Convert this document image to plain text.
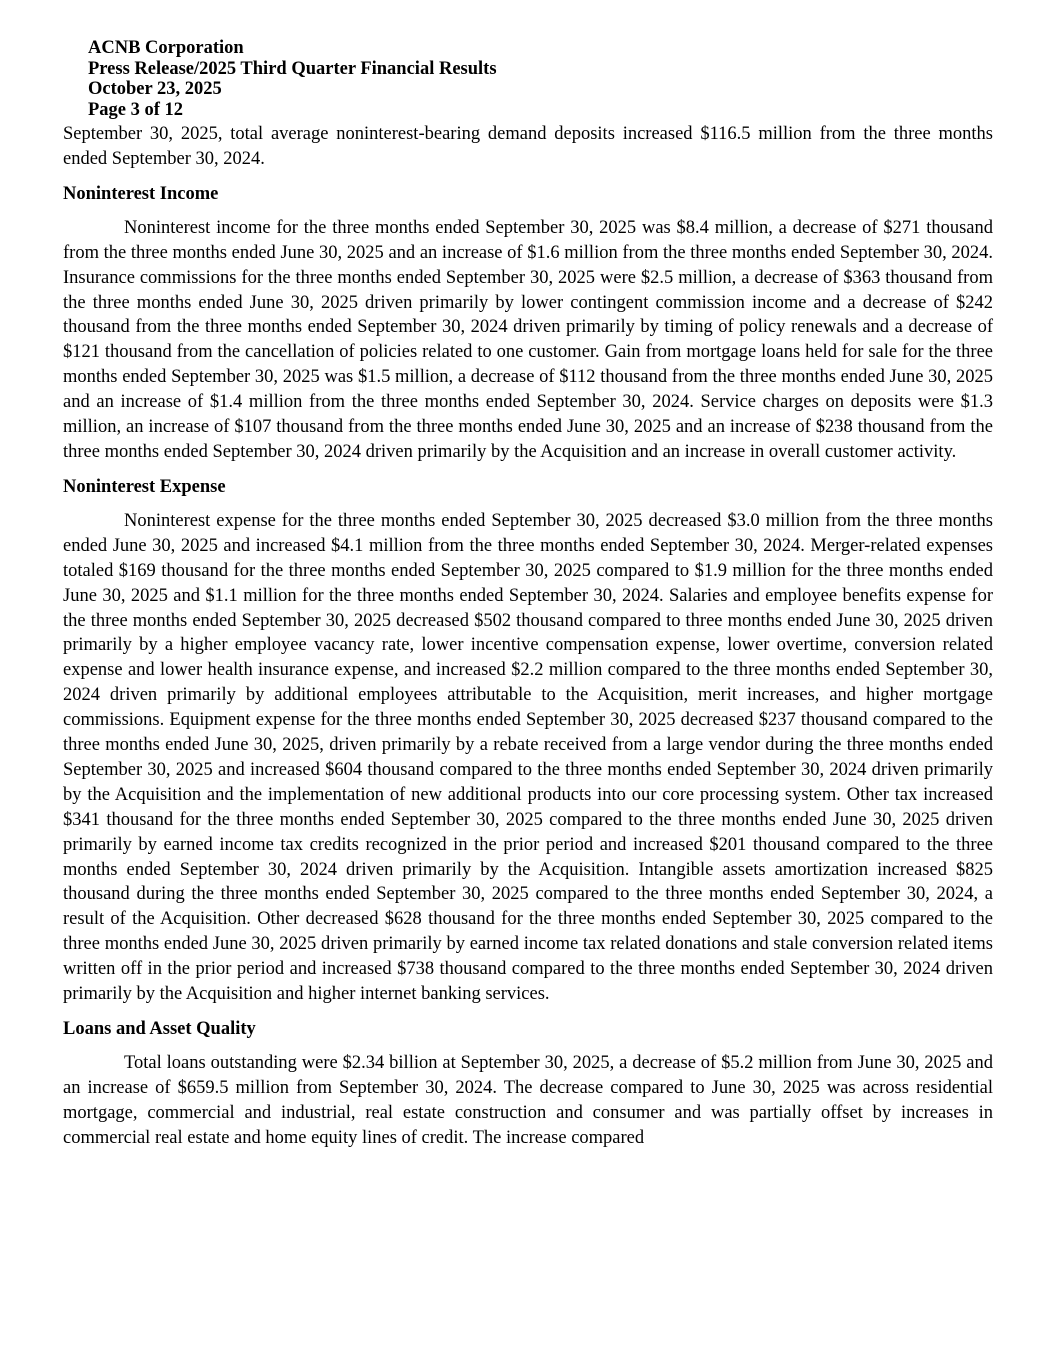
ACNB Corporation
Press Release/2025 Third Quarter Financial Results
October 23, 2025
Page 3 of 12

September 30, 2025, total average noninterest-bearing demand deposits increased $116.5 million from the three months ended September 30, 2024.

Noninterest Income

Noninterest income for the three months ended September 30, 2025 was $8.4 million, a decrease of $271 thousand from the three months ended June 30, 2025 and an increase of $1.6 million from the three months ended September 30, 2024. Insurance commissions for the three months ended September 30, 2025 were $2.5 million, a decrease of $363 thousand from the three months ended June 30, 2025 driven primarily by lower contingent commission income and a decrease of $242 thousand from the three months ended September 30, 2024 driven primarily by timing of policy renewals and a decrease of $121 thousand from the cancellation of policies related to one customer. Gain from mortgage loans held for sale for the three months ended September 30, 2025 was $1.5 million, a decrease of $112 thousand from the three months ended June 30, 2025 and an increase of $1.4 million from the three months ended September 30, 2024. Service charges on deposits were $1.3 million, an increase of $107 thousand from the three months ended June 30, 2025 and an increase of $238 thousand from the three months ended September 30, 2024 driven primarily by the Acquisition and an increase in overall customer activity.

Noninterest Expense

Noninterest expense for the three months ended September 30, 2025 decreased $3.0 million from the three months ended June 30, 2025 and increased $4.1 million from the three months ended September 30, 2024. Merger-related expenses totaled $169 thousand for the three months ended September 30, 2025 compared to $1.9 million for the three months ended June 30, 2025 and $1.1 million for the three months ended September 30, 2024. Salaries and employee benefits expense for the three months ended September 30, 2025 decreased $502 thousand compared to three months ended June 30, 2025 driven primarily by a higher employee vacancy rate, lower incentive compensation expense, lower overtime, conversion related expense and lower health insurance expense, and increased $2.2 million compared to the three months ended September 30, 2024 driven primarily by additional employees attributable to the Acquisition, merit increases, and higher mortgage commissions. Equipment expense for the three months ended September 30, 2025 decreased $237 thousand compared to the three months ended June 30, 2025, driven primarily by a rebate received from a large vendor during the three months ended September 30, 2025 and increased $604 thousand compared to the three months ended September 30, 2024 driven primarily by the Acquisition and the implementation of new additional products into our core processing system. Other tax increased $341 thousand for the three months ended September 30, 2025 compared to the three months ended June 30, 2025 driven primarily by earned income tax credits recognized in the prior period and increased $201 thousand compared to the three months ended September 30, 2024 driven primarily by the Acquisition. Intangible assets amortization increased $825 thousand during the three months ended September 30, 2025 compared to the three months ended September 30, 2024, a result of the Acquisition. Other decreased $628 thousand for the three months ended September 30, 2025 compared to the three months ended June 30, 2025 driven primarily by earned income tax related donations and stale conversion related items written off in the prior period and increased $738 thousand compared to the three months ended September 30, 2024 driven primarily by the Acquisition and higher internet banking services.

Loans and Asset Quality

Total loans outstanding were $2.34 billion at September 30, 2025, a decrease of $5.2 million from June 30, 2025 and an increase of $659.5 million from September 30, 2024. The decrease compared to June 30, 2025 was across residential mortgage, commercial and industrial, real estate construction and consumer and was partially offset by increases in commercial real estate and home equity lines of credit. The increase compared
